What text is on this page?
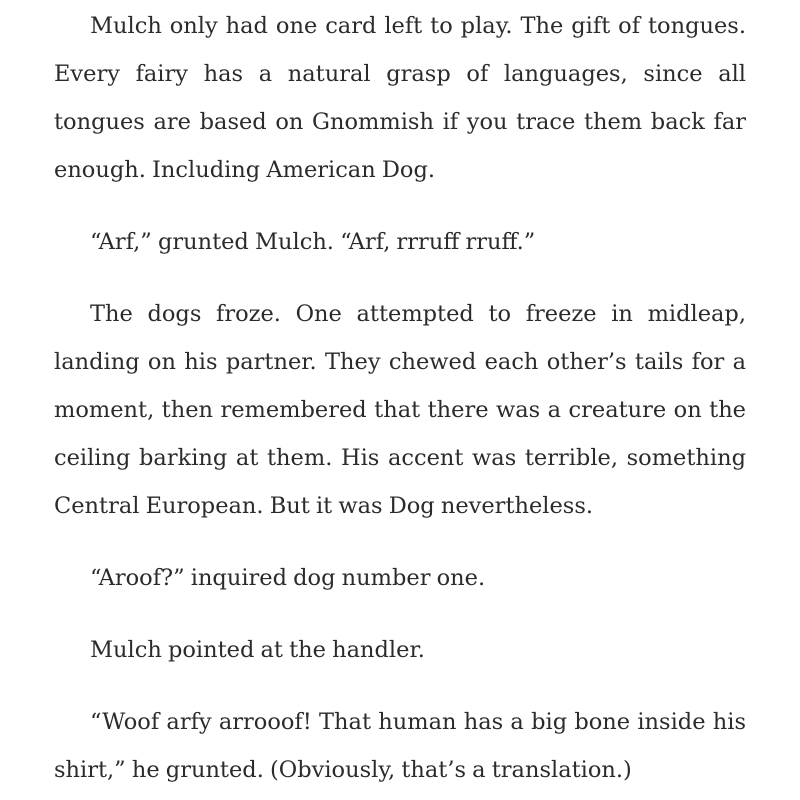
Mulch only had one card left to play. The gift of tongues. Every fairy has a natural grasp of languages, since all tongues are based on Gnommish if you trace them back far enough. Including American Dog.

“Arf,” grunted Mulch. “Arf, rrruff rruff.”

The dogs froze. One attempted to freeze in midleap, landing on his partner. They chewed each other’s tails for a moment, then remembered that there was a creature on the ceiling barking at them. His accent was terrible, something Central European. But it was Dog nevertheless.

“Aroof?” inquired dog number one.

Mulch pointed at the handler.

“Woof arfy arrooof! That human has a big bone inside his shirt,” he grunted. (Obviously, that’s a translation.)
